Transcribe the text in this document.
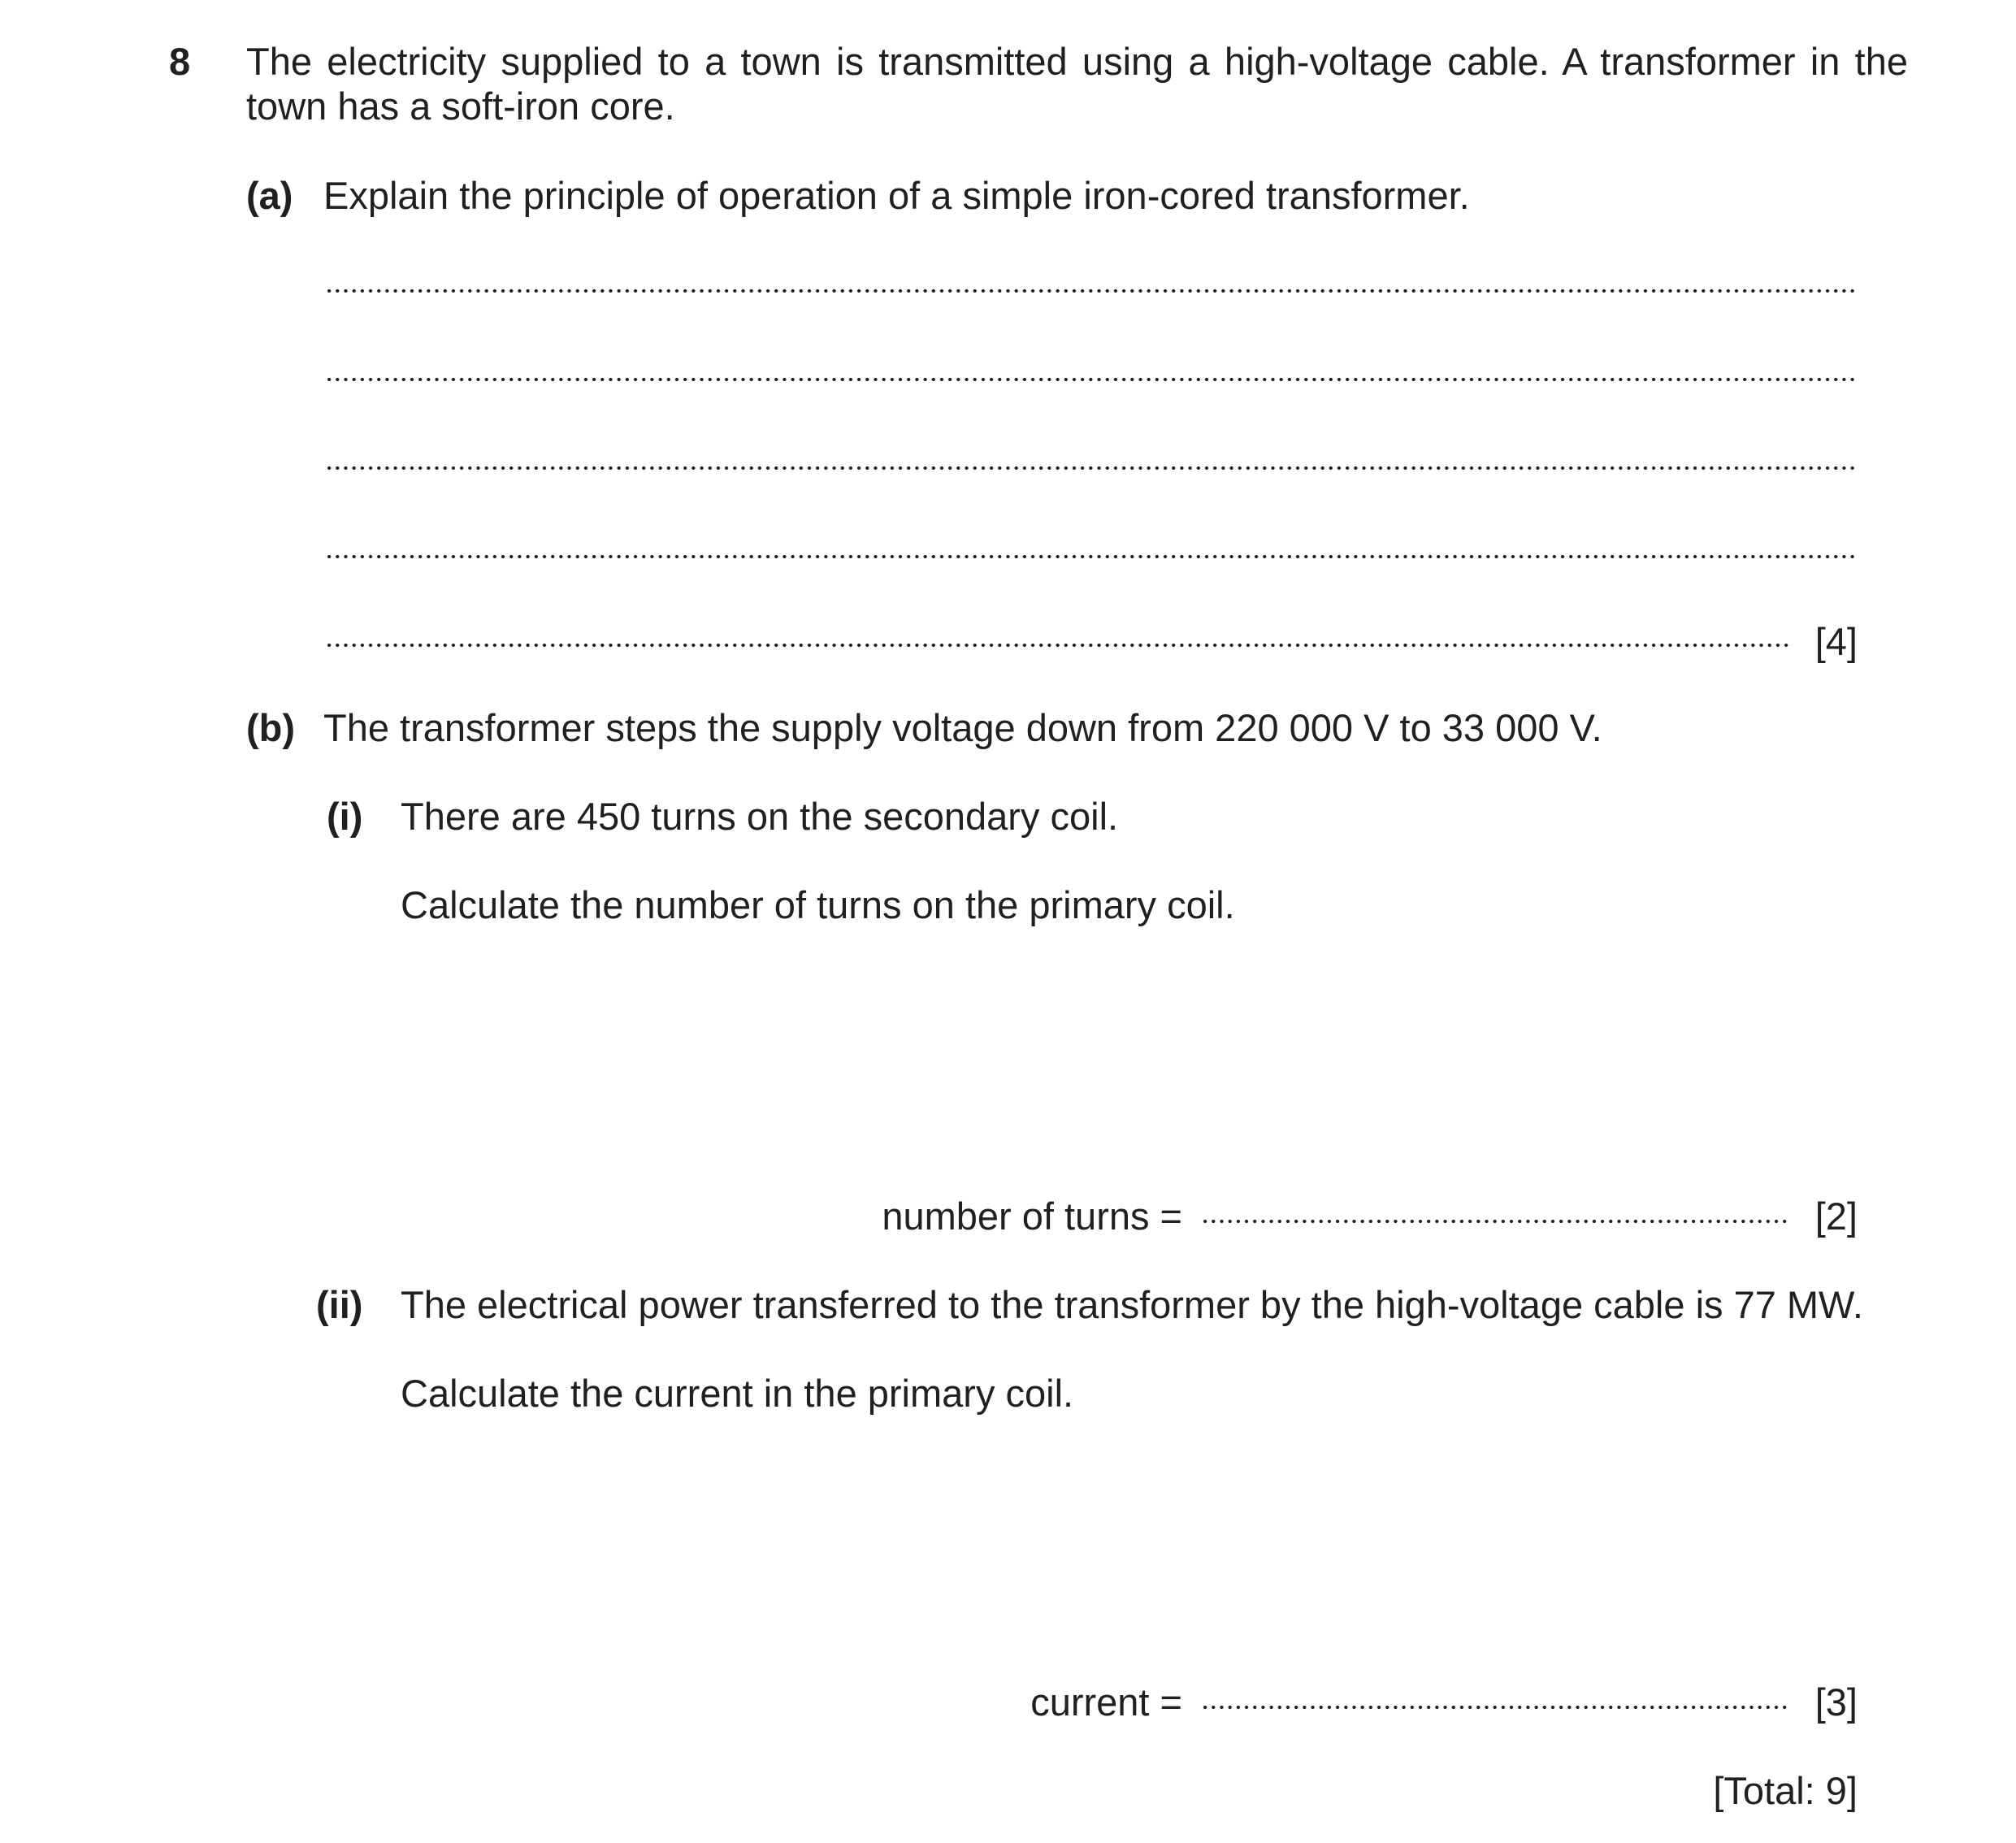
8 The electricity supplied to a town is transmitted using a high-voltage cable. A transformer in the
town has a soft-iron core.
(a) Explain the principle of operation of a simple iron-cored transformer.
[4]
(b) The transformer steps the supply voltage down from 220 000 V to 33 000 V.
(i) There are 450 turns on the secondary coil.
Calculate the number of turns on the primary coil.
number of turns =	[2]
(ii) The electrical power transferred to the transformer by the high-voltage cable is 77 MW.
Calculate the current in the primary coil.
current =	[3]
[Total: 9]
